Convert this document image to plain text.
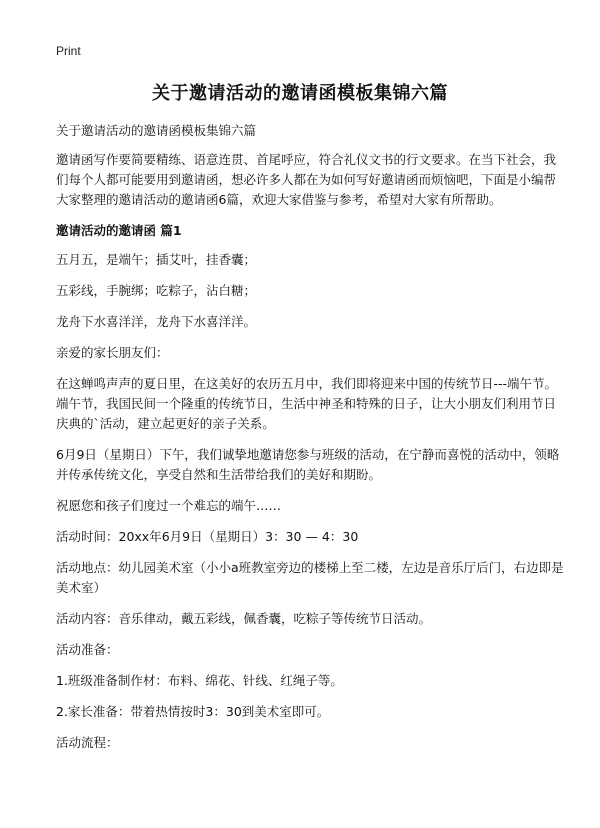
Print
关于邀请活动的邀请函模板集锦六篇

关于邀请活动的邀请函模板集锦六篇

邀请函写作要简要精练、语意连贯、首尾呼应，符合礼仪文书的行文要求。在当下社会，我们每个人都可能要用到邀请函，想必许多人都在为如何写好邀请函而烦恼吧，下面是小编帮大家整理的邀请活动的邀请函6篇，欢迎大家借鉴与参考，希望对大家有所帮助。

邀请活动的邀请函 篇1

五月五，是端午；插艾叶，挂香囊；

五彩线，手腕绑；吃粽子，沾白糖；

龙舟下水喜洋洋，龙舟下水喜洋洋。

亲爱的家长朋友们：

在这蝉鸣声声的夏日里，在这美好的农历五月中，我们即将迎来中国的传统节日---端午节。端午节，我国民间一个隆重的传统节日，生活中神圣和特殊的日子，让大小朋友们利用节日庆典的`活动，建立起更好的亲子关系。

6月9日（星期日）下午，我们诚挚地邀请您参与班级的活动，在宁静而喜悦的活动中，领略并传承传统文化，享受自然和生活带给我们的美好和期盼。

祝愿您和孩子们度过一个难忘的端午……

活动时间：20xx年6月9日（星期日）3：30 — 4：30

活动地点：幼儿园美术室（小小a班教室旁边的楼梯上至二楼，左边是音乐厅后门，右边即是美术室）

活动内容：音乐律动，戴五彩线，佩香囊，吃粽子等传统节日活动。

活动准备：

1.班级准备制作材：布料、绵花、针线、红绳子等。

2.家长准备：带着热情按时3：30到美术室即可。

活动流程：
